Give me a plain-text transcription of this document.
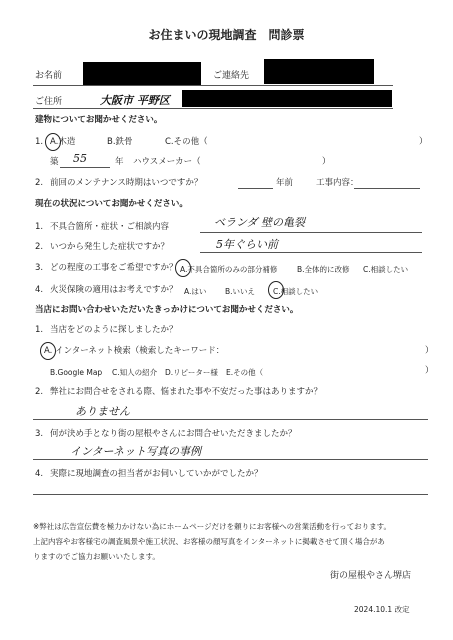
お住まいの現地調査　問診票
お名前	ご連絡先
ご住所	大阪市 平野区
建物についてお聞かせください。
1. A.木造	B.鉄骨	C.その他（	）
築 55	年 ハウスメーカー（	）
2. 前回のメンテナンス時期はいつですか？	年前	工事内容：
現在の状況についてお聞かせください。
1. 不具合箇所・症状・ご相談内容	ベランダ 壁の亀裂
2. いつから発生した症状ですか？	5年ぐらい前
3. どの程度の工事をご希望ですか？ A.不具合箇所のみの部分補修	B.全体的に改修 C.相談したい
4. 火災保険の適用はお考えですか？ A.はい B.いいえ C.相談したい
当店にお問い合わせいただいたきっかけについてお聞かせください。
1. 当店をどのように探しましたか？
A. インターネット検索（検索したキーワード：	）
B.Google Map C.知人の紹介 D.リピーター様 E.その他（	）
2. 弊社にお問合せをされる際、悩まれた事や不安だった事はありますか？
ありません
3. 何が決め手となり街の屋根やさんにお問合せいただきましたか？
インターネット写真の事例
4. 実際に現地調査の担当者がお伺いしていかがでしたか？
※弊社は広告宣伝費を極力かけない為にホームページだけを頼りにお客様への営業活動を行っております。
上記内容やお客様宅の調査風景や施工状況、お客様の顔写真をインターネットに掲載させて頂く場合があ
りますのでご協力お願いいたします。
街の屋根やさん堺店
2024.10.1 改定
